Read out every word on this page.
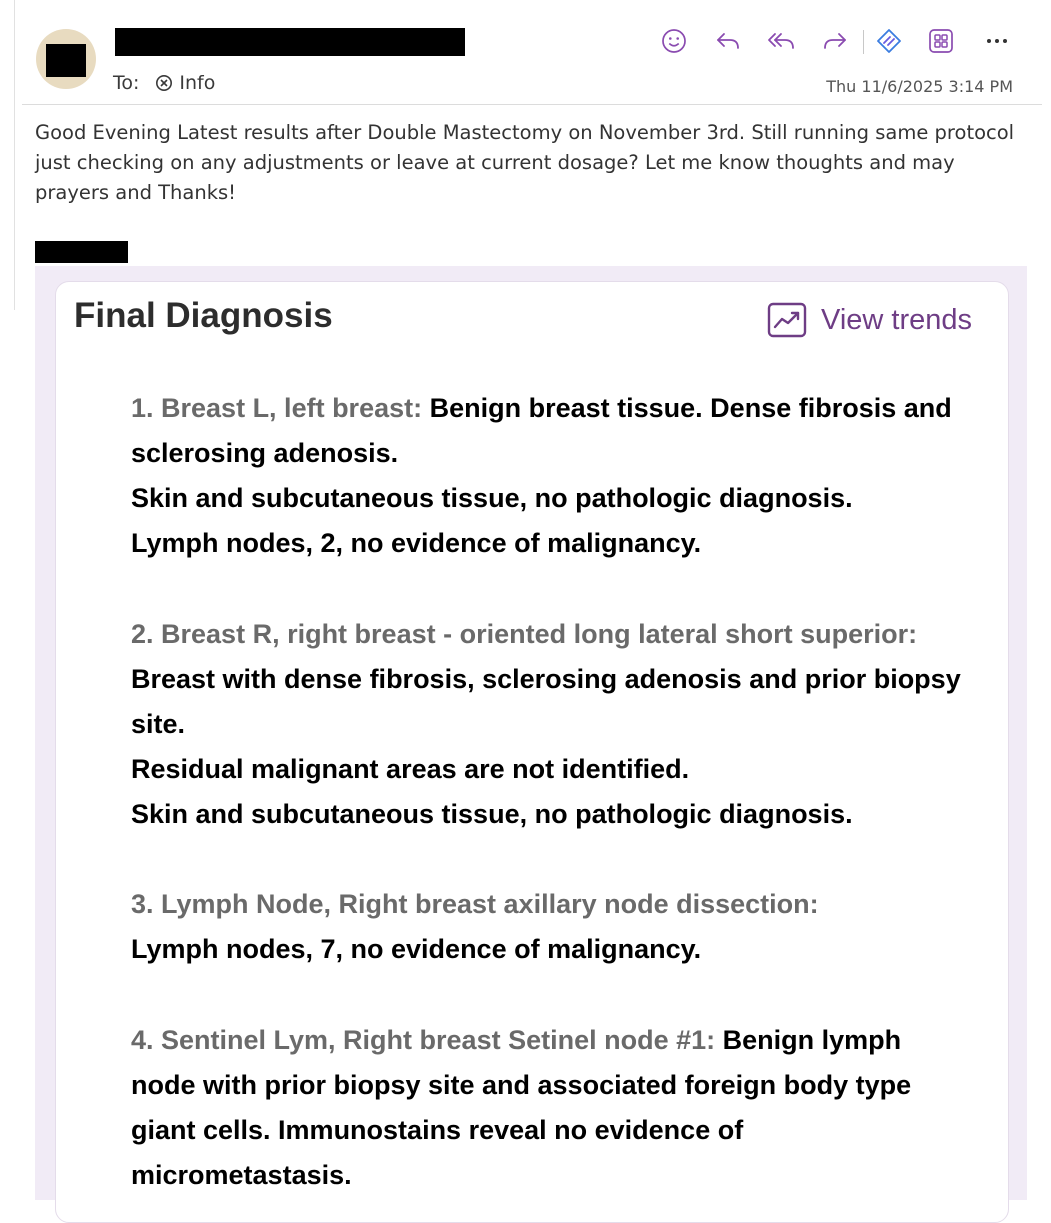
To: Info	Thu 11/6/2025 3:14 PM
Good Evening Latest results after Double Mastectomy on November 3rd. Still running same protocol just checking on any adjustments or leave at current dosage? Let me know thoughts and may prayers and Thanks!
Final Diagnosis	View trends
1. Breast L, left breast: Benign breast tissue. Dense fibrosis and sclerosing adenosis.
Skin and subcutaneous tissue, no pathologic diagnosis.
Lymph nodes, 2, no evidence of malignancy.
2. Breast R, right breast - oriented long lateral short superior: Breast with dense fibrosis, sclerosing adenosis and prior biopsy site.
Residual malignant areas are not identified.
Skin and subcutaneous tissue, no pathologic diagnosis.
3. Lymph Node, Right breast axillary node dissection:
Lymph nodes, 7, no evidence of malignancy.
4. Sentinel Lym, Right breast Setinel node #1: Benign lymph node with prior biopsy site and associated foreign body type giant cells. Immunostains reveal no evidence of micrometastasis.
